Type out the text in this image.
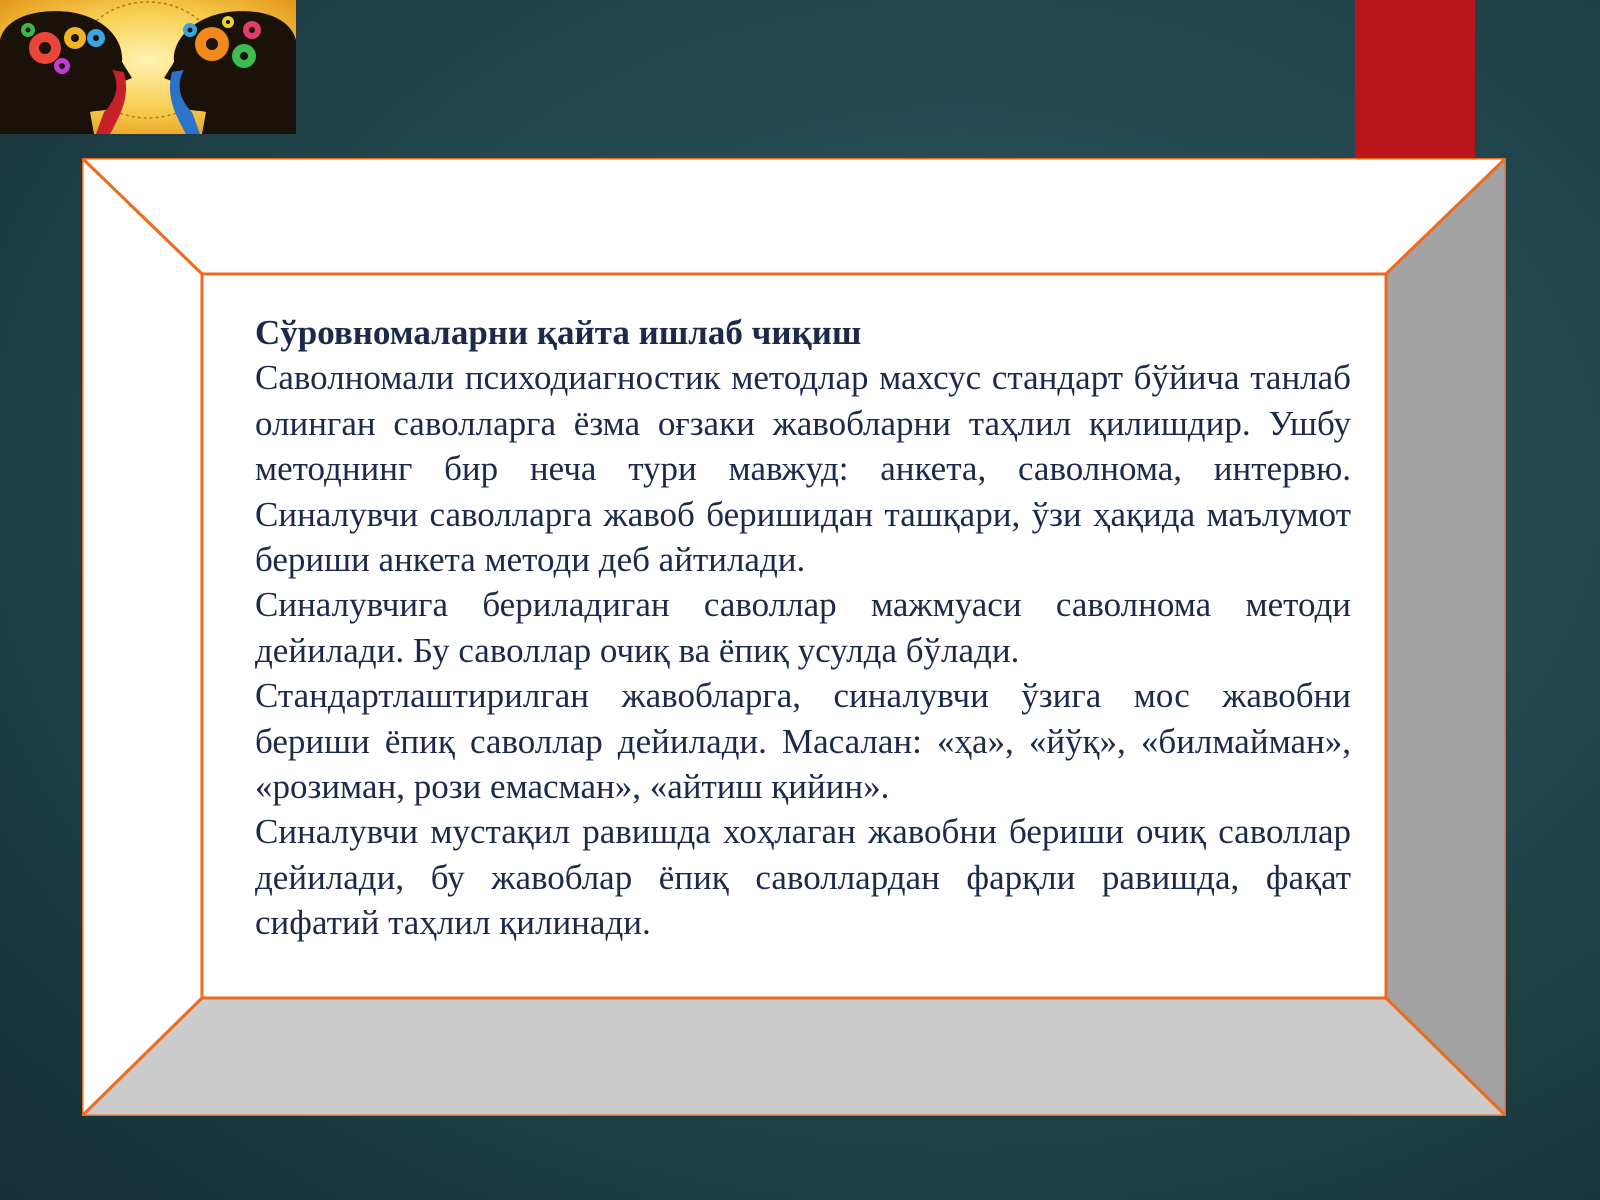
Сўровномаларни қайта ишлаб чиқиш

Саволномали психодиагностик методлар махсус стандарт бўйича танлаб олинган саволларга ёзма оғзаки жавобларни таҳлил қилишдир. Ушбу методнинг бир неча тури мавжуд: анкета, саволнома, интервю. Синалувчи саволларга жавоб беришидан ташқари, ўзи ҳақида маълумот бериши анкета методи деб айтилади.

Синалувчига бериладиган саволлар мажмуаси саволнома методи дейилади. Бу саволлар очиқ ва ёпиқ усулда бўлади.

Стандартлаштирилган жавобларга, синалувчи ўзига мос жавобни бериши ёпиқ саволлар дейилади. Масалан: «ҳа», «йўқ», «билмайман», «розиман, рози емасман», «айтиш қийин».

Синалувчи мустақил равишда хоҳлаган жавобни бериши очиқ саволлар дейилади, бу жавоблар ёпиқ саволлардан фарқли равишда, фақат сифатий таҳлил қилинади.
